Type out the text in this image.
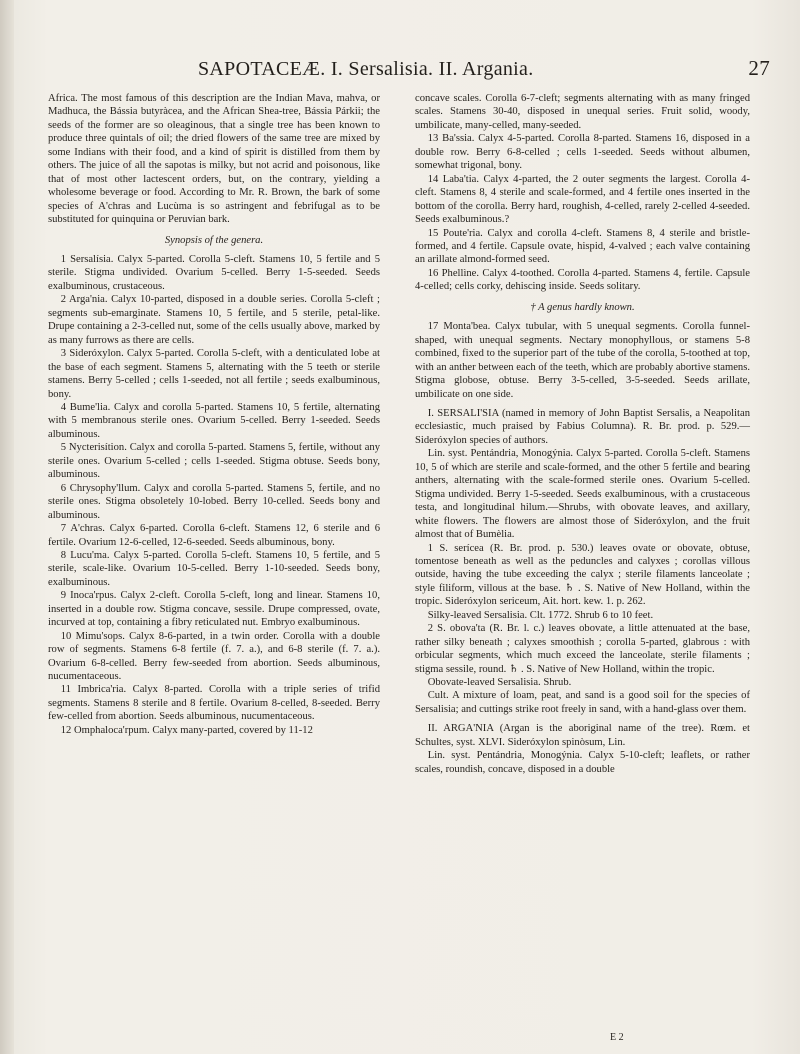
SAPOTACEÆ. I. Sersalisia. II. Argania.	27

Africa. The most famous of this description are the Indian Mava, mahva, or Madhuca, the Bássia butyràcea, and the African Shea-tree, Bássia Párkii; the seeds of the former are so oleaginous, that a single tree has been known to produce three quintals of oil; the dried flowers of the same tree are mixed by some Indians with their food, and a kind of spirit is distilled from them by others. The juice of all the sapotas is milky, but not acrid and poisonous, like that of most other lactescent orders, but, on the contrary, yielding a wholesome beverage or food. According to Mr. R. Brown, the bark of some species of A'chras and Lucùma is so astringent and febrifugal as to be substituted for quinquina or Peruvian bark.

Synopsis of the genera.

1 Sersalísia. Calyx 5-parted. Corolla 5-cleft. Stamens 10, 5 fertile and 5 sterile. Stigma undivided. Ovarium 5-celled. Berry 1-5-seeded. Seeds exalbuminous, crustaceous.

2 Arga'nia. Calyx 10-parted, disposed in a double series. Corolla 5-cleft ; segments sub-emarginate. Stamens 10, 5 fertile, and 5 sterile, petal-like. Drupe containing a 2-3-celled nut, some of the cells usually above, marked by as many furrows as there are cells.

3 Sideróxylon. Calyx 5-parted. Corolla 5-cleft, with a denticulated lobe at the base of each segment. Stamens 5, alternating with the 5 teeth or sterile stamens. Berry 5-celled ; cells 1-seeded, not all fertile ; seeds exalbuminous, bony.

4 Bume'lia. Calyx and corolla 5-parted. Stamens 10, 5 fertile, alternating with 5 membranous sterile ones. Ovarium 5-celled. Berry 1-seeded. Seeds albuminous.

5 Nycterisítion. Calyx and corolla 5-parted. Stamens 5, fertile, without any sterile ones. Ovarium 5-celled ; cells 1-seeded. Stigma obtuse. Seeds bony, albuminous.

6 Chrysophy'llum. Calyx and corolla 5-parted. Stamens 5, fertile, and no sterile ones. Stigma obsoletely 10-lobed. Berry 10-celled. Seeds bony and albuminous.

7 A'chras. Calyx 6-parted. Corolla 6-cleft. Stamens 12, 6 sterile and 6 fertile. Ovarium 12-6-celled, 12-6-seeded. Seeds albuminous, bony.

8 Lucu'ma. Calyx 5-parted. Corolla 5-cleft. Stamens 10, 5 fertile, and 5 sterile, scale-like. Ovarium 10-5-celled. Berry 1-10-seeded. Seeds bony, exalbuminous.

9 Inoca'rpus. Calyx 2-cleft. Corolla 5-cleft, long and linear. Stamens 10, inserted in a double row. Stigma concave, sessile. Drupe compressed, ovate, incurved at top, containing a fibry reticulated nut. Embryo exalbuminous.

10 Mimu'sops. Calyx 8-6-parted, in a twin order. Corolla with a double row of segments. Stamens 6-8 fertile (f. 7. a.), and 6-8 sterile (f. 7. a.). Ovarium 6-8-celled. Berry few-seeded from abortion. Seeds albuminous, nucumentaceous.

11 Imbrica'ria. Calyx 8-parted. Corolla with a triple series of trifid segments. Stamens 8 sterile and 8 fertile. Ovarium 8-celled, 8-seeded. Berry few-celled from abortion. Seeds albuminous, nucumentaceous.

12 Omphaloca'rpum. Calyx many-parted, covered by 11-12

concave scales. Corolla 6-7-cleft; segments alternating with as many fringed scales. Stamens 30-40, disposed in unequal series. Fruit solid, woody, umbilicate, many-celled, many-seeded.

13 Ba'ssia. Calyx 4-5-parted. Corolla 8-parted. Stamens 16, disposed in a double row. Berry 6-8-celled ; cells 1-seeded. Seeds without albumen, somewhat trigonal, bony.

14 Laba'tia. Calyx 4-parted, the 2 outer segments the largest. Corolla 4-cleft. Stamens 8, 4 sterile and scale-formed, and 4 fertile ones inserted in the bottom of the corolla. Berry hard, roughish, 4-celled, rarely 2-celled 4-seeded. Seeds exalbuminous.?

15 Poute'ria. Calyx and corolla 4-cleft. Stamens 8, 4 sterile and bristle-formed, and 4 fertile. Capsule ovate, hispid, 4-valved ; each valve containing an arillate almond-formed seed.

16 Phellìne. Calyx 4-toothed. Corolla 4-parted. Stamens 4, fertile. Capsule 4-celled; cells corky, dehiscing inside. Seeds solitary.

† A genus hardly known.

17 Monta'bea. Calyx tubular, with 5 unequal segments. Corolla funnel-shaped, with unequal segments. Nectary monophyllous, or stamens 5-8 combined, fixed to the superior part of the tube of the corolla, 5-toothed at top, with an anther between each of the teeth, which are probably abortive stamens. Stigma globose, obtuse. Berry 3-5-celled, 3-5-seeded. Seeds arillate, umbilicate on one side.

I. SERSALI'SIA (named in memory of John Baptist Sersalis, a Neapolitan ecclesiastic, much praised by Fabius Columna). R. Br. prod. p. 529.—Sideróxylon species of authors.

Lin. syst. Pentándria, Monogýnia. Calyx 5-parted. Corolla 5-cleft. Stamens 10, 5 of which are sterile and scale-formed, and the other 5 fertile and bearing anthers, alternating with the scale-formed sterile ones. Ovarium 5-celled. Stigma undivided. Berry 1-5-seeded. Seeds exalbuminous, with a crustaceous testa, and longitudinal hilum.—Shrubs, with obovate leaves, and axillary, white flowers. The flowers are almost those of Sideróxylon, and the fruit almost that of Bumèlia.

1 S. serícea (R. Br. prod. p. 530.) leaves ovate or obovate, obtuse, tomentose beneath as well as the peduncles and calyxes ; corollas villous outside, having the tube exceeding the calyx ; sterile filaments lanceolate ; style filiform, villous at the base. ♄ . S. Native of New Holland, within the tropic. Sideróxylon sericeum, Ait. hort. kew. 1. p. 262.

Silky-leaved Sersalisia. Clt. 1772. Shrub 6 to 10 feet.

2 S. obova'ta (R. Br. l. c.) leaves obovate, a little attenuated at the base, rather silky beneath ; calyxes smoothish ; corolla 5-parted, glabrous : with orbicular segments, which much exceed the lanceolate, sterile filaments ; stigma sessile, round. ♄ . S. Native of New Holland, within the tropic.

Obovate-leaved Sersalisia. Shrub.

Cult. A mixture of loam, peat, and sand is a good soil for the species of Sersalisia; and cuttings strike root freely in sand, with a hand-glass over them.

II. ARGA'NIA (Argan is the aboriginal name of the tree). Rœm. et Schultes, syst. XLVI. Sideróxylon spinòsum, Lin.

Lin. syst. Pentándria, Monogýnia. Calyx 5-10-cleft; leaflets, or rather scales, roundish, concave, disposed in a double

E 2
